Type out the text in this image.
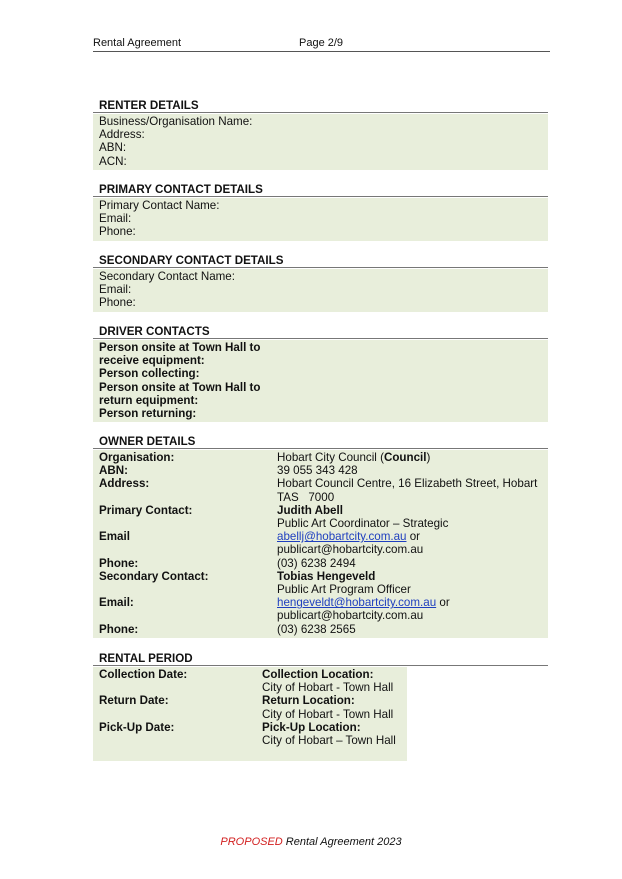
Rental Agreement	Page 2/9
RENTER DETAILS
Business/Organisation Name:
Address:
ABN:
ACN:
PRIMARY CONTACT DETAILS
Primary Contact Name:
Email:
Phone:
SECONDARY CONTACT DETAILS
Secondary Contact Name:
Email:
Phone:
DRIVER CONTACTS
Person onsite at Town Hall to
receive equipment:
Person collecting:
Person onsite at Town Hall to
return equipment:
Person returning:
OWNER DETAILS
Organisation:	Hobart City Council (Council)
ABN:	39 055 343 428
Address:	Hobart Council Centre, 16 Elizabeth Street, Hobart
TAS   7000
Primary Contact:	Judith Abell
Public Art Coordinator – Strategic
Email	abellj@hobartcity.com.au or
publicart@hobartcity.com.au
Phone:	(03) 6238 2494
Secondary Contact:	Tobias Hengeveld
Public Art Program Officer
Email:	hengeveldt@hobartcity.com.au or
publicart@hobartcity.com.au
Phone:	(03) 6238 2565
RENTAL PERIOD
Collection Date:	Collection Location:
City of Hobart - Town Hall
Return Date:	Return Location:
City of Hobart - Town Hall
Pick-Up Date:	Pick-Up Location:
City of Hobart – Town Hall
PROPOSED Rental Agreement 2023
